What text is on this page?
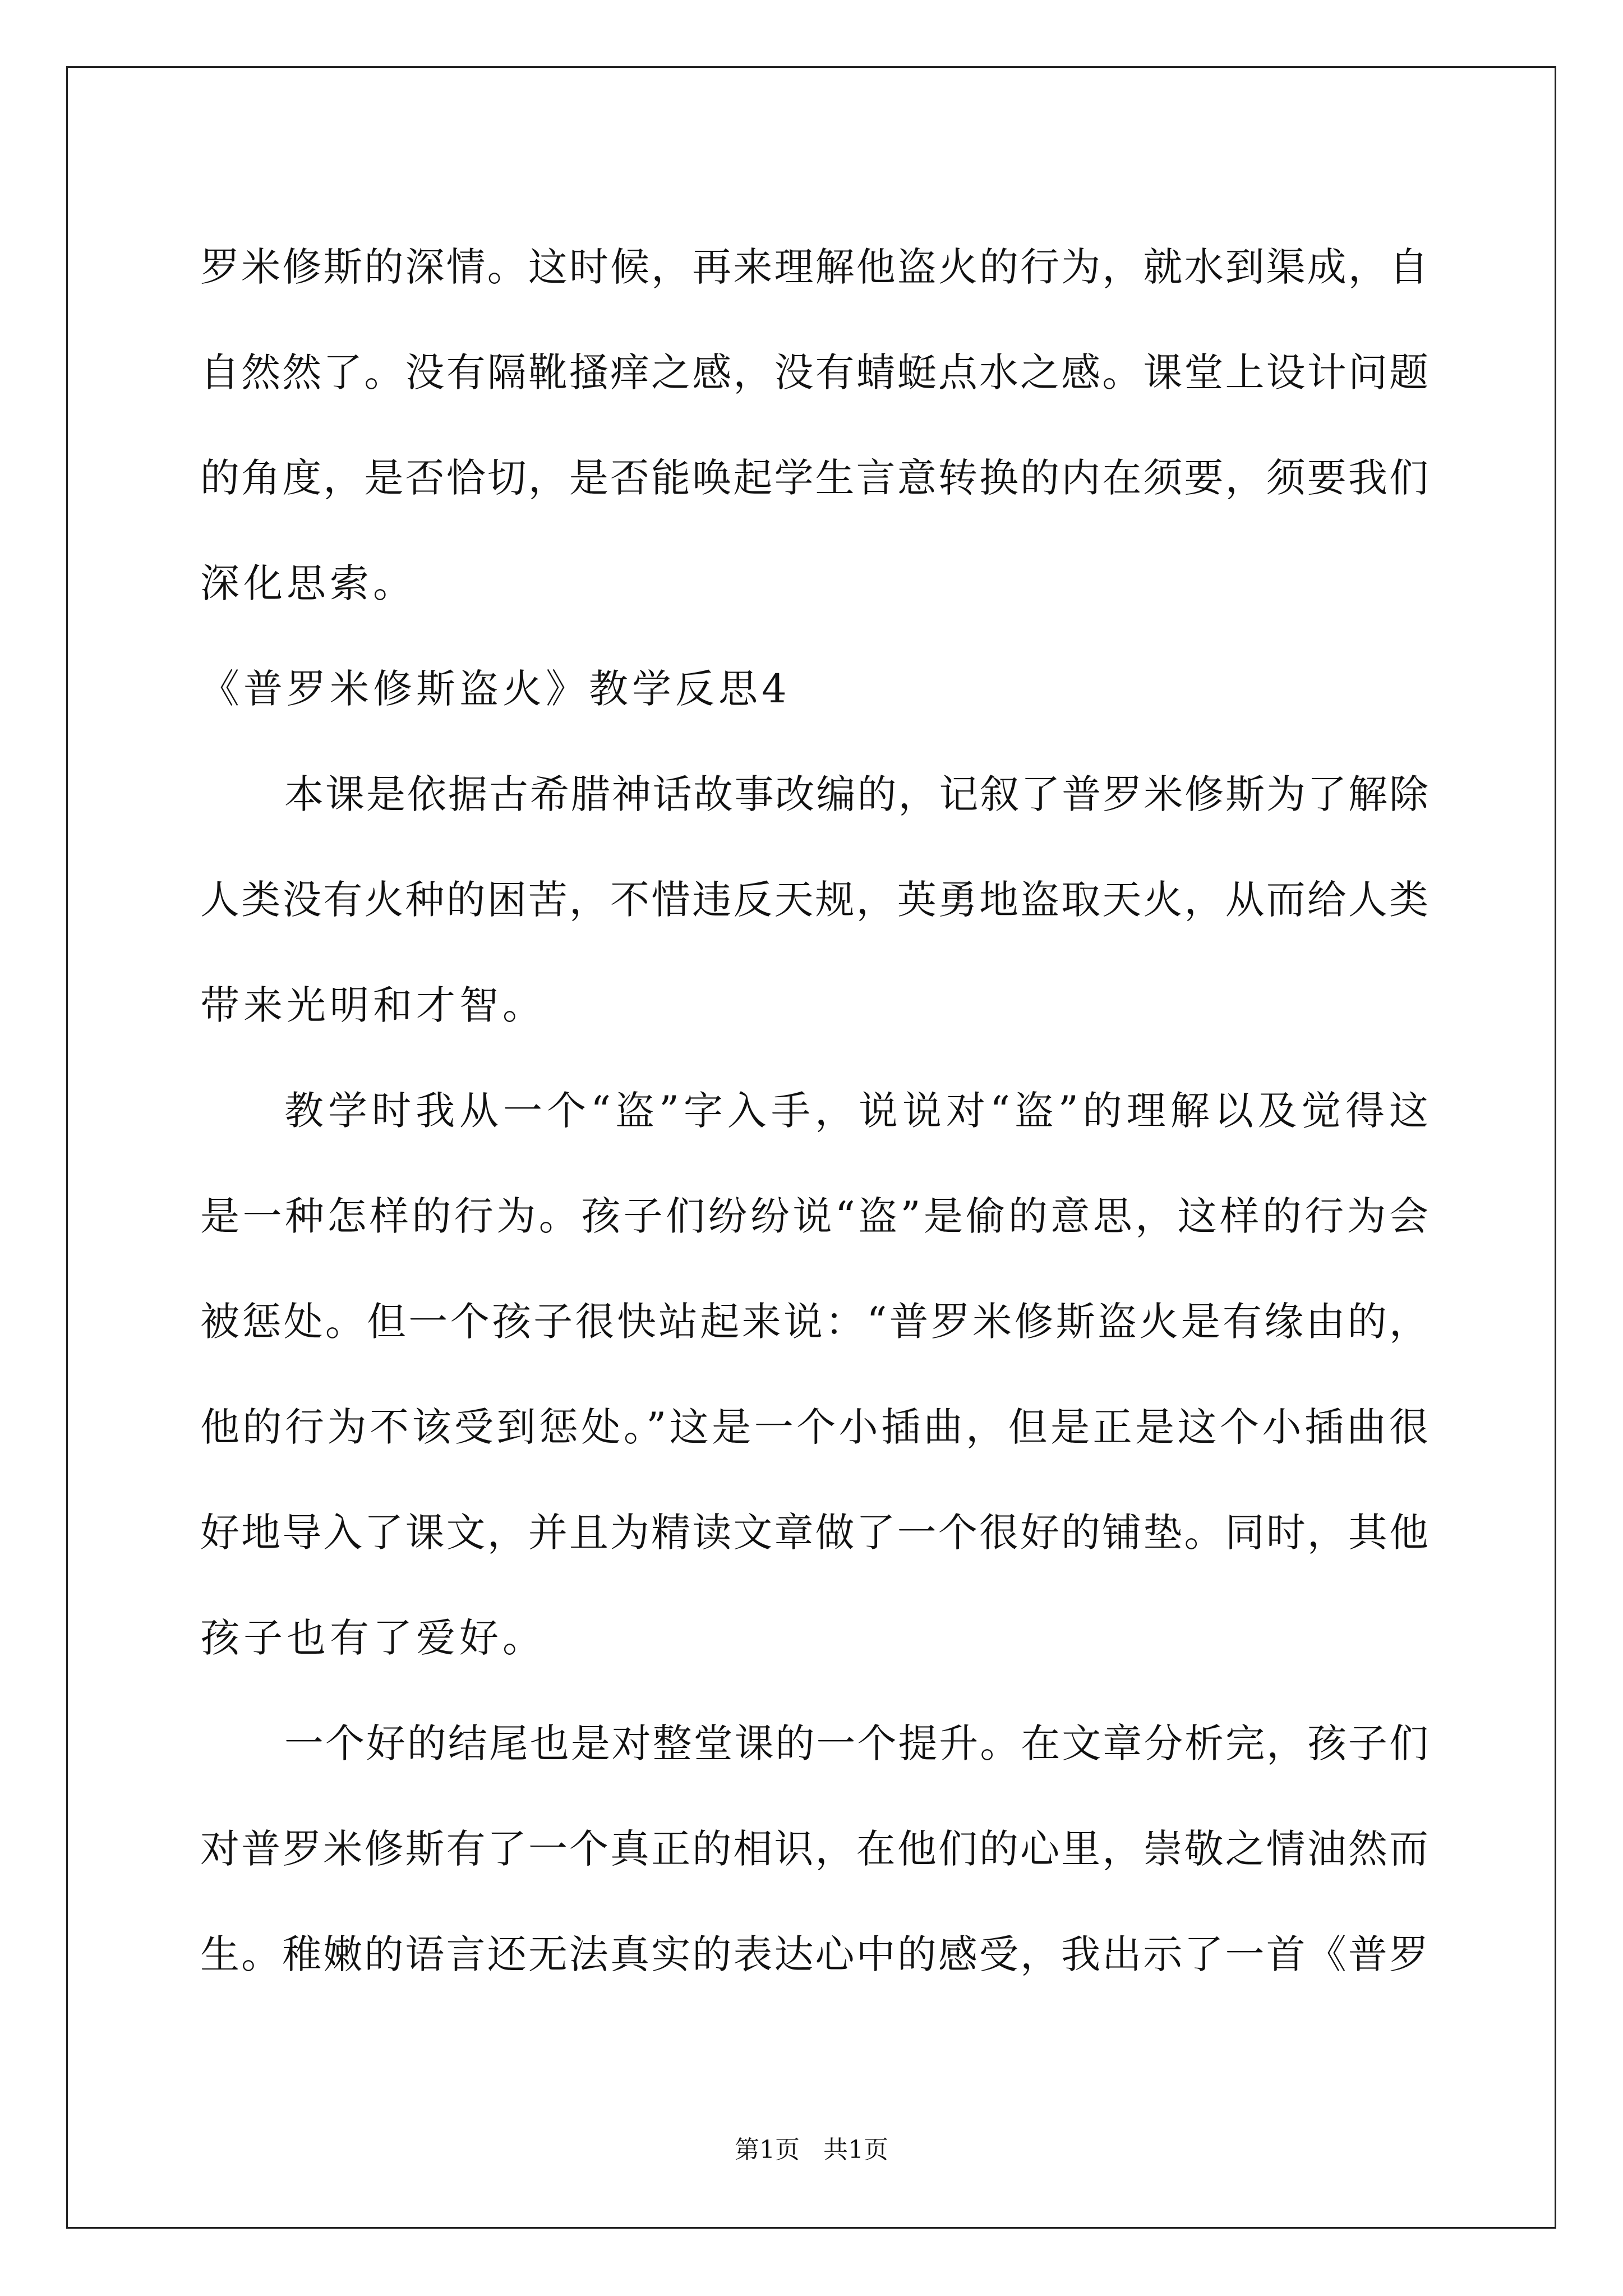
罗米修斯的深情。这时候，再来理解他盗火的行为，就水到渠成，自
自然然了。没有隔靴搔痒之感，没有蜻蜓点水之感。课堂上设计问题
的角度，是否恰切，是否能唤起学生言意转换的内在须要，须要我们
深化思索。
《普罗米修斯盗火》教学反思4
本课是依据古希腊神话故事改编的，记叙了普罗米修斯为了解除
人类没有火种的困苦，不惜违反天规，英勇地盗取天火，从而给人类
带来光明和才智。
教学时我从一个“盗”字入手，说说对“盗”的理解以及觉得这
是一种怎样的行为。孩子们纷纷说“盗”是偷的意思，这样的行为会
被惩处。但一个孩子很快站起来说：“普罗米修斯盗火是有缘由的，
他的行为不该受到惩处。”这是一个小插曲，但是正是这个小插曲很
好地导入了课文，并且为精读文章做了一个很好的铺垫。同时，其他
孩子也有了爱好。
一个好的结尾也是对整堂课的一个提升。在文章分析完，孩子们
对普罗米修斯有了一个真正的相识，在他们的心里，崇敬之情油然而
生。稚嫩的语言还无法真实的表达心中的感受，我出示了一首《普罗
第1页 共1页
